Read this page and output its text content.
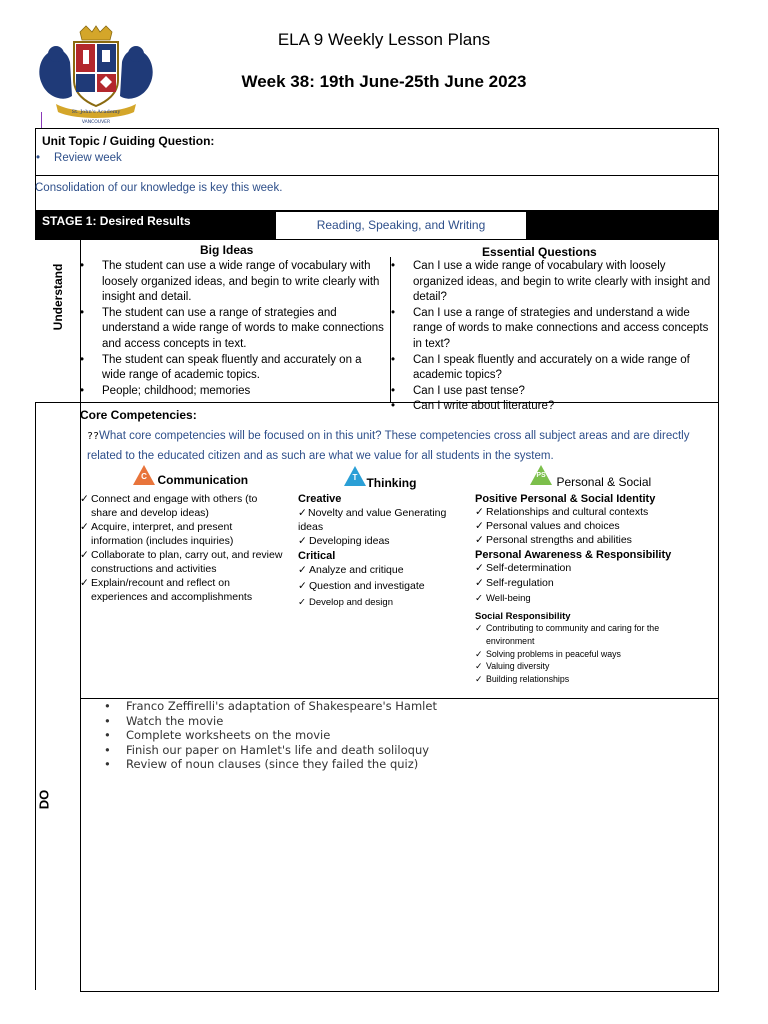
St. John's Academy
VANCOUVER
ELA 9 Weekly Lesson Plans
Week 38: 19th June-25th June 2023
Unit Topic / Guiding Question:
• Review week
Consolidation of our knowledge is key this week.
STAGE 1: Desired Results	Reading, Speaking, and Writing
Understand
Big Ideas	Essential Questions
• The student can use a wide range of vocabulary with loosely organized ideas, and begin to write clearly with insight and detail.
• The student can use a range of strategies and understand a wide range of words to make connections and access concepts in text.
• The student can speak fluently and accurately on a wide range of academic topics.
• People; childhood; memories
• Can I use a wide range of vocabulary with loosely organized ideas, and begin to write clearly with insight and detail?
• Can I use a range of strategies and understand a wide range of words to make connections and access concepts in text?
• Can I speak fluently and accurately on a wide range of academic topics?
• Can I use past tense?
• Can I write about literature?
Core Competencies:
??What core competencies will be focused on in this unit? These competencies cross all subject areas and are directly related to the educated citizen and as such are what we value for all students in the system.
C Communication
✓ Connect and engage with others (to share and develop ideas)
✓ Acquire, interpret, and present information (includes inquiries)
✓ Collaborate to plan, carry out, and review constructions and activities
✓ Explain/recount and reflect on experiences and accomplishments
T Thinking
Creative
✓ Novelty and value Generating ideas
✓ Developing ideas
Critical
✓ Analyze and critique
✓ Question and investigate
✓ Develop and design
PS Personal & Social
Positive Personal & Social Identity
✓ Relationships and cultural contexts
✓ Personal values and choices
✓ Personal strengths and abilities
Personal Awareness & Responsibility
✓ Self-determination
✓ Self-regulation
✓ Well-being
Social Responsibility
✓ Contributing to community and caring for the environment
✓ Solving problems in peaceful ways
✓ Valuing diversity
✓ Building relationships
DO
• Franco Zeffirelli's adaptation of Shakespeare's Hamlet
• Watch the movie
• Complete worksheets on the movie
• Finish our paper on Hamlet's life and death soliloquy
• Review of noun clauses (since they failed the quiz)
